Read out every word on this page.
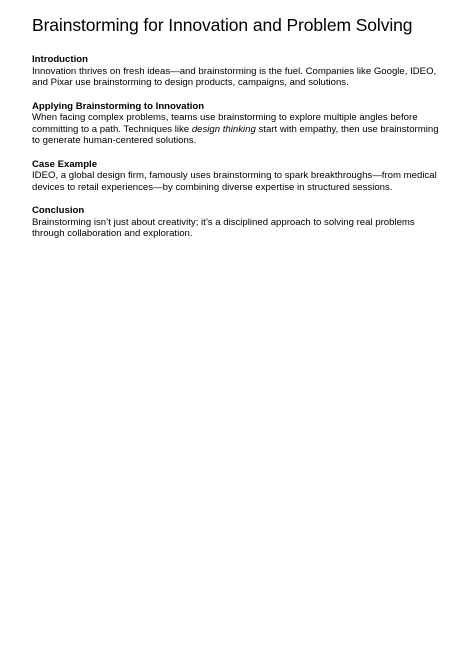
Brainstorming for Innovation and Problem Solving

Introduction

Innovation thrives on fresh ideas—and brainstorming is the fuel. Companies like Google, IDEO, and Pixar use brainstorming to design products, campaigns, and solutions.

Applying Brainstorming to Innovation

When facing complex problems, teams use brainstorming to explore multiple angles before committing to a path. Techniques like design thinking start with empathy, then use brainstorming to generate human-centered solutions.

Case Example

IDEO, a global design firm, famously uses brainstorming to spark breakthroughs—from medical devices to retail experiences—by combining diverse expertise in structured sessions.

Conclusion

Brainstorming isn’t just about creativity; it’s a disciplined approach to solving real problems through collaboration and exploration.
